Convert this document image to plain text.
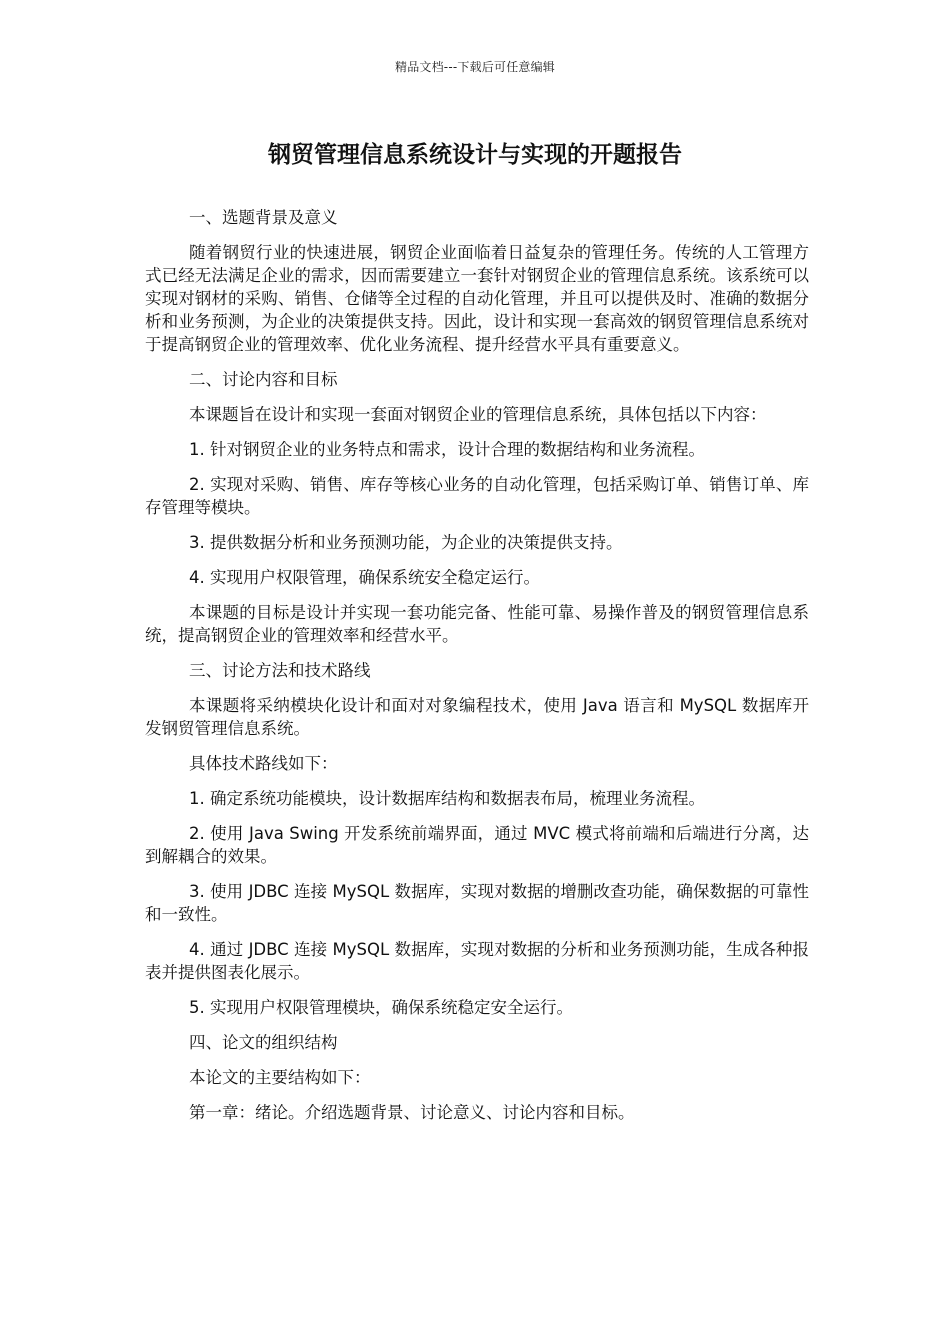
精品文档---下载后可任意编辑
钢贸管理信息系统设计与实现的开题报告

一、选题背景及意义

随着钢贸行业的快速进展，钢贸企业面临着日益复杂的管理任务。传统的人工管理方式已经无法满足企业的需求，因而需要建立一套针对钢贸企业的管理信息系统。该系统可以实现对钢材的采购、销售、仓储等全过程的自动化管理，并且可以提供及时、准确的数据分析和业务预测，为企业的决策提供支持。因此，设计和实现一套高效的钢贸管理信息系统对于提高钢贸企业的管理效率、优化业务流程、提升经营水平具有重要意义。

二、讨论内容和目标

本课题旨在设计和实现一套面对钢贸企业的管理信息系统，具体包括以下内容：

1. 针对钢贸企业的业务特点和需求，设计合理的数据结构和业务流程。

2. 实现对采购、销售、库存等核心业务的自动化管理，包括采购订单、销售订单、库存管理等模块。

3. 提供数据分析和业务预测功能，为企业的决策提供支持。

4. 实现用户权限管理，确保系统安全稳定运行。

本课题的目标是设计并实现一套功能完备、性能可靠、易操作普及的钢贸管理信息系统，提高钢贸企业的管理效率和经营水平。

三、讨论方法和技术路线

本课题将采纳模块化设计和面对对象编程技术，使用 Java 语言和 MySQL 数据库开发钢贸管理信息系统。

具体技术路线如下：

1. 确定系统功能模块，设计数据库结构和数据表布局，梳理业务流程。

2. 使用 Java Swing 开发系统前端界面，通过 MVC 模式将前端和后端进行分离，达到解耦合的效果。

3. 使用 JDBC 连接 MySQL 数据库，实现对数据的增删改查功能，确保数据的可靠性和一致性。

4. 通过 JDBC 连接 MySQL 数据库，实现对数据的分析和业务预测功能，生成各种报表并提供图表化展示。

5. 实现用户权限管理模块，确保系统稳定安全运行。

四、论文的组织结构

本论文的主要结构如下：

第一章：绪论。介绍选题背景、讨论意义、讨论内容和目标。
